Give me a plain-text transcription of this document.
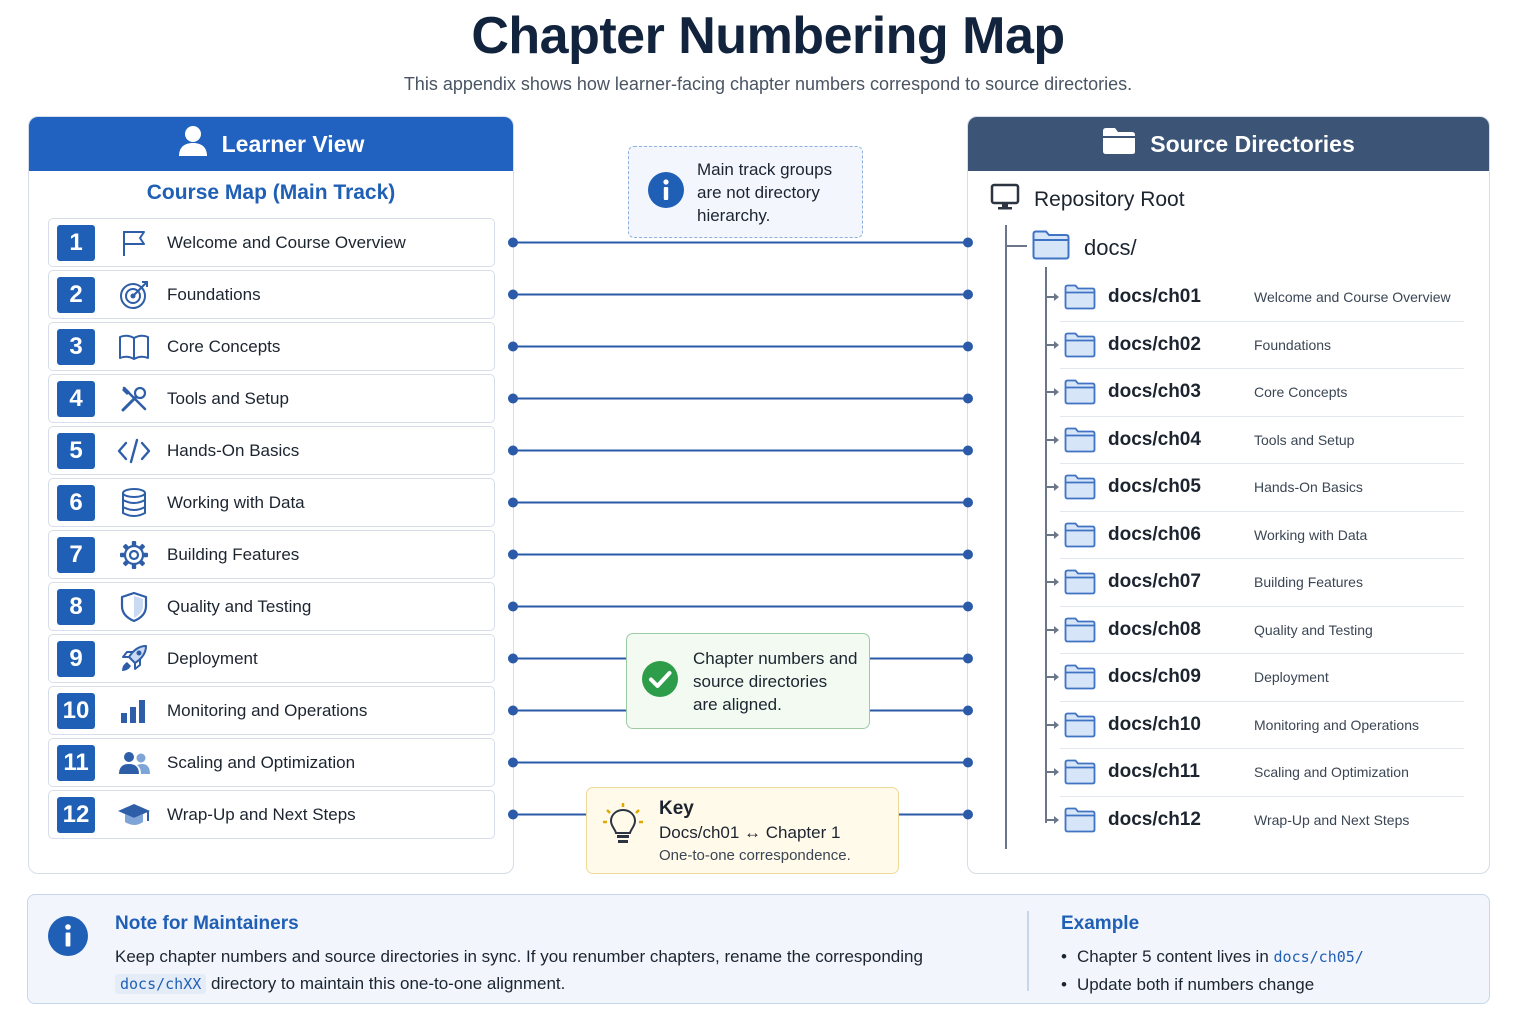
Chapter Numbering Map
This appendix shows how learner-facing chapter numbers correspond to source directories.
Learner View
Course Map (Main Track)
1	Welcome and Course Overview
2	Foundations
3	Core Concepts
4	Tools and Setup
5	Hands-On Basics
6	Working with Data
7	Building Features
8	Quality and Testing
9	Deployment
10	Monitoring and Operations
11	Scaling and Optimization
12	Wrap-Up and Next Steps
Source Directories
Repository Root
docs/
docs/ch01	Welcome and Course Overview
docs/ch02	Foundations
docs/ch03	Core Concepts
docs/ch04	Tools and Setup
docs/ch05	Hands-On Basics
docs/ch06	Working with Data
docs/ch07	Building Features
docs/ch08	Quality and Testing
docs/ch09	Deployment
docs/ch10	Monitoring and Operations
docs/ch11	Scaling and Optimization
docs/ch12	Wrap-Up and Next Steps
Main track groups
are not directory
hierarchy.
Chapter numbers and
source directories
are aligned.
Key
Docs/ch01 ↔ Chapter 1
One-to-one correspondence.
Note for Maintainers
Keep chapter numbers and source directories in sync. If you renumber chapters, rename the corresponding
docs/chXX directory to maintain this one-to-one alignment.
Example
• Chapter 5 content lives in docs/ch05/
• Update both if numbers change
